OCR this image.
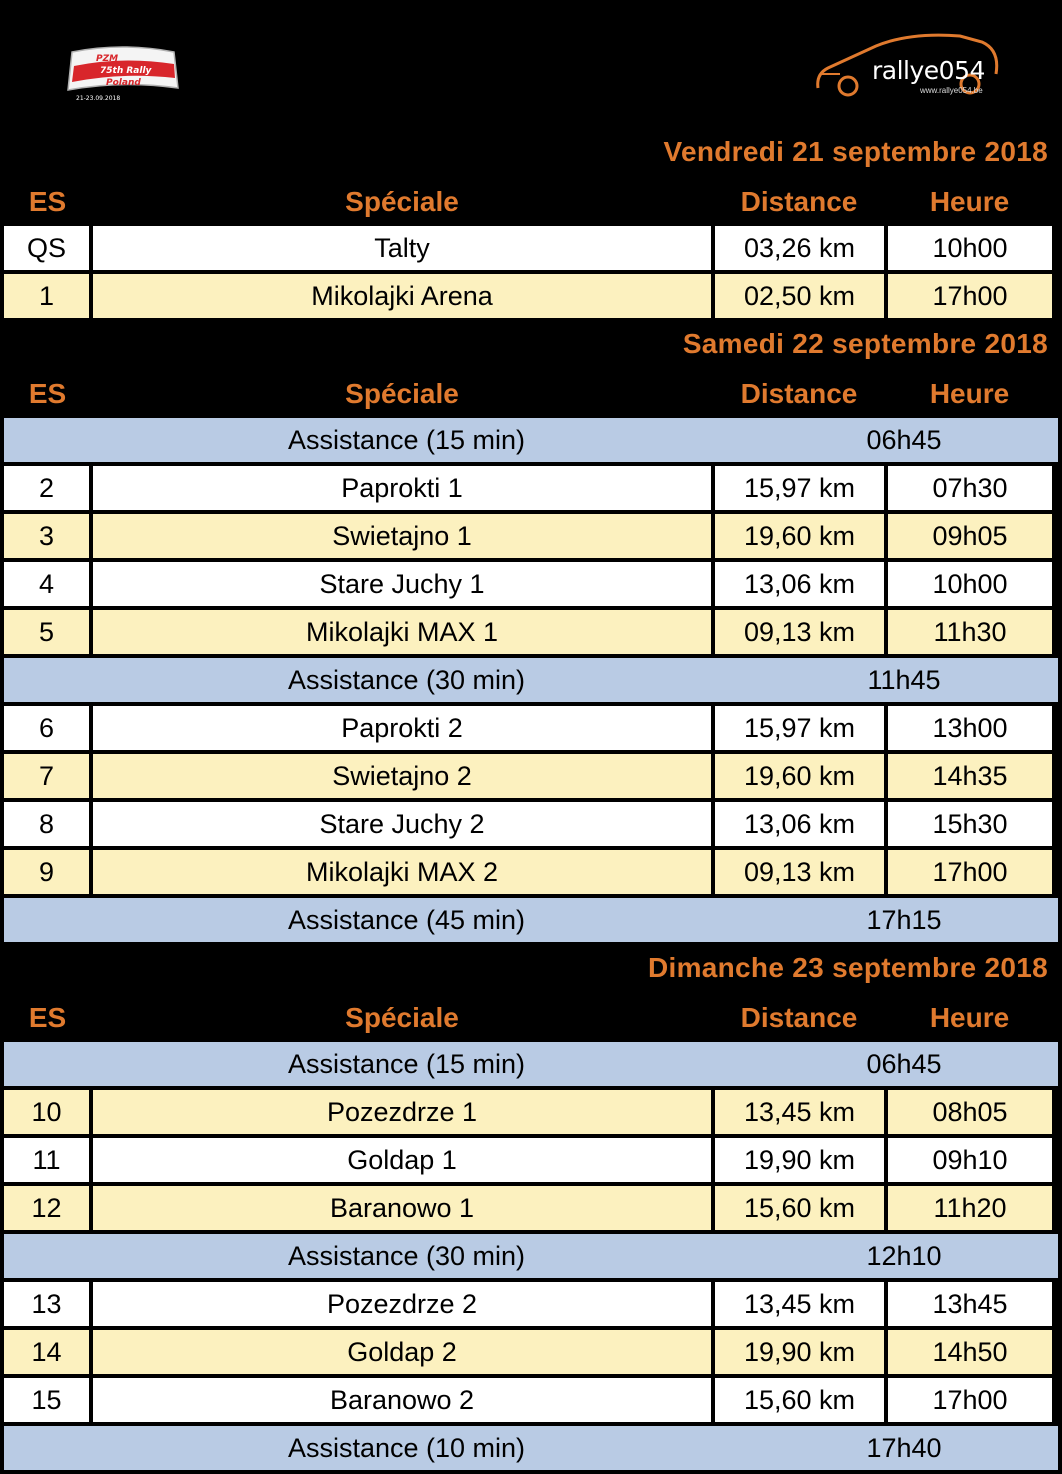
PZM
75th Rally
Poland
21-23.09.2018
rallye054
www.rallye054.be
Vendredi 21 septembre 2018
ES	Spéciale	Distance	Heure
QS	Talty	03,26 km	10h00
1	Mikolajki Arena	02,50 km	17h00
Samedi 22 septembre 2018
ES	Spéciale	Distance	Heure
Assistance (15 min)	06h45
2	Paprokti 1	15,97 km	07h30
3	Swietajno 1	19,60 km	09h05
4	Stare Juchy 1	13,06 km	10h00
5	Mikolajki MAX 1	09,13 km	11h30
Assistance (30 min)	11h45
6	Paprokti 2	15,97 km	13h00
7	Swietajno 2	19,60 km	14h35
8	Stare Juchy 2	13,06 km	15h30
9	Mikolajki MAX 2	09,13 km	17h00
Assistance (45 min)	17h15
Dimanche 23 septembre 2018
ES	Spéciale	Distance	Heure
Assistance (15 min)	06h45
10	Pozezdrze 1	13,45 km	08h05
11	Goldap 1	19,90 km	09h10
12	Baranowo 1	15,60 km	11h20
Assistance (30 min)	12h10
13	Pozezdrze 2	13,45 km	13h45
14	Goldap 2	19,90 km	14h50
15	Baranowo 2	15,60 km	17h00
Assistance (10 min)	17h40
